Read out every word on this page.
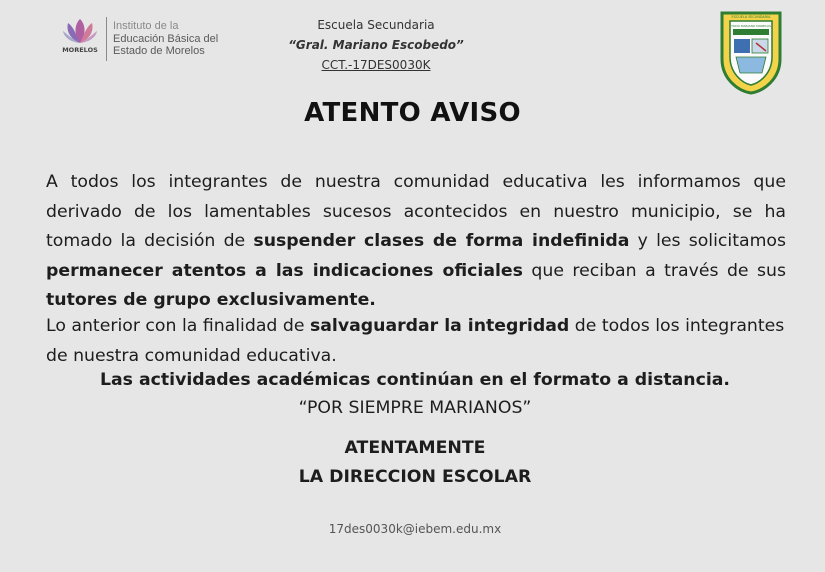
MORELOS
Instituto de la
Educación Básica del
Estado de Morelos
Escuela Secundaria
“Gral. Mariano Escobedo”
CCT.-17DES0030K
ESCUELA SECUNDARIA
TODO MARIANO MORELOS
ATENTO AVISO
A todos los integrantes de nuestra comunidad educativa les informamos que derivado de los lamentables sucesos acontecidos en nuestro municipio, se ha tomado la decisión de suspender clases de forma indefinida y les solicitamos permanecer atentos a las indicaciones oficiales que reciban a través de sus tutores de grupo exclusivamente.
Lo anterior con la finalidad de salvaguardar la integridad de todos los integrantes de nuestra comunidad educativa.
Las actividades académicas continúan en el formato a distancia.
“POR SIEMPRE MARIANOS”
ATENTAMENTE
LA DIRECCION ESCOLAR
17des0030k@iebem.edu.mx
